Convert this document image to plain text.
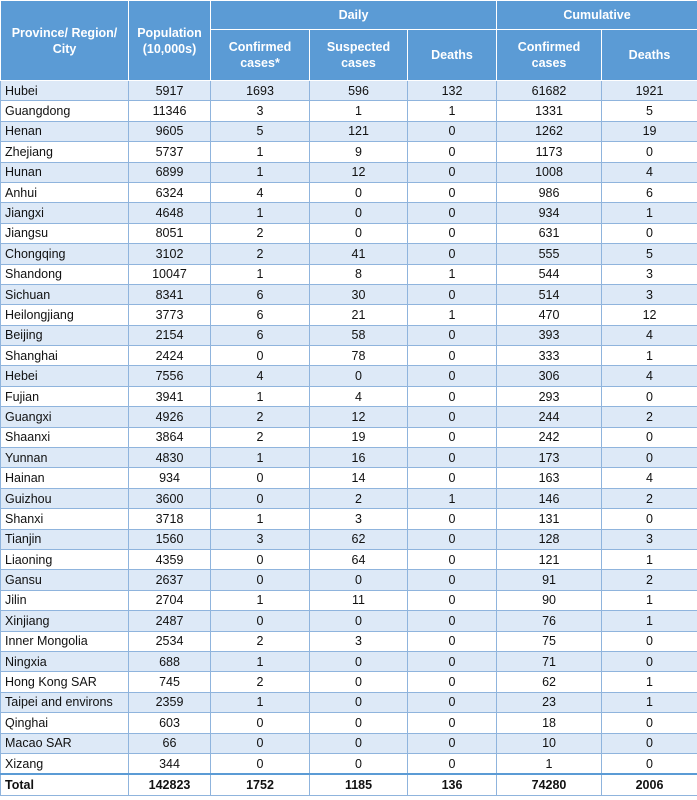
Province/ Region/ City	Population (10,000s)	Daily			Cumulative	
		Confirmed cases*	Suspected cases	Deaths	Confirmed cases	Deaths
Hubei	5917	1693	596	132	61682	1921
Guangdong	11346	3	1	1	1331	5
Henan	9605	5	121	0	1262	19
Zhejiang	5737	1	9	0	1173	0
Hunan	6899	1	12	0	1008	4
Anhui	6324	4	0	0	986	6
Jiangxi	4648	1	0	0	934	1
Jiangsu	8051	2	0	0	631	0
Chongqing	3102	2	41	0	555	5
Shandong	10047	1	8	1	544	3
Sichuan	8341	6	30	0	514	3
Heilongjiang	3773	6	21	1	470	12
Beijing	2154	6	58	0	393	4
Shanghai	2424	0	78	0	333	1
Hebei	7556	4	0	0	306	4
Fujian	3941	1	4	0	293	0
Guangxi	4926	2	12	0	244	2
Shaanxi	3864	2	19	0	242	0
Yunnan	4830	1	16	0	173	0
Hainan	934	0	14	0	163	4
Guizhou	3600	0	2	1	146	2
Shanxi	3718	1	3	0	131	0
Tianjin	1560	3	62	0	128	3
Liaoning	4359	0	64	0	121	1
Gansu	2637	0	0	0	91	2
Jilin	2704	1	11	0	90	1
Xinjiang	2487	0	0	0	76	1
Inner Mongolia	2534	2	3	0	75	0
Ningxia	688	1	0	0	71	0
Hong Kong SAR	745	2	0	0	62	1
Taipei and environs	2359	1	0	0	23	1
Qinghai	603	0	0	0	18	0
Macao SAR	66	0	0	0	10	0
Xizang	344	0	0	0	1	0
Total	142823	1752	1185	136	74280	2006
